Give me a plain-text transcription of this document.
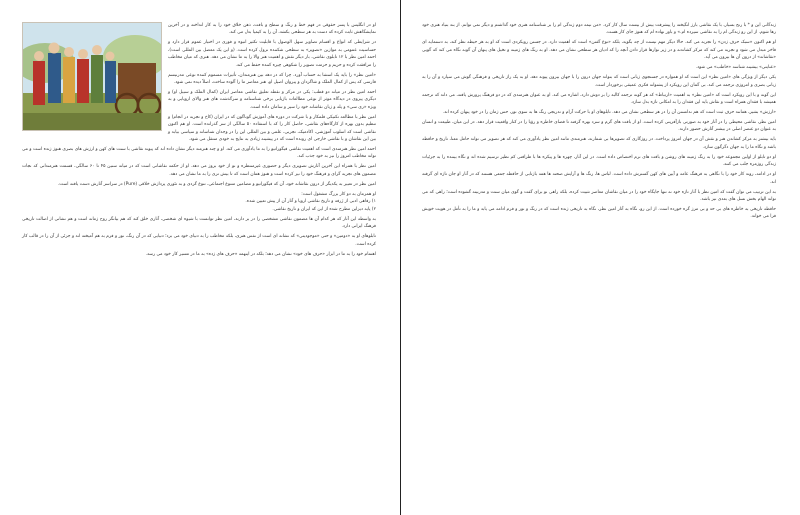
او در انگلیس با پسر حقوقی در فهم خط و رنگ و سطح و بافت، ذهن خلاق خود را به کار انداخته و در آخرین نمایشگاهش ثابت کرده که دست به هر سطحی بکشد، آن را به کیمیا بدل می کند.

در شرایطی که انواع و اقسام تصاویر سهل الوصول با قابلیت تکثیر انبوه و فوری در اختیار عموم قرار دارد و حساسیت عمومی به موازین «تصویر» به سطحی شکننده نزول کرده است. (و این یک معضل بین المللی است)، احمد امین نظر با ۱۲ تابلوی نقاشی، بار دیگر نقش و اهمیت هنر والا را به ما نشان می دهد. هنری که میان مخاطب را مرافقت کرده و حریم و حرمت تصویر را شکوهی چیره کننده حفظ می کند.

«امین نظر» را باید یک استثنا به حساب آورد. چرا که در دهه بین هنرمندان، تأثیرات مسموم کننده نوعی مدرنیسم فارسی که پس از کمال الملک و شاگردان و پیروان اصیل او، هنر معاصر ما را آلوده ساخت، اصلاً دیده نمی شود.

احمد امین نظر در میانه دو قطب: یکی در مرکز و نقطه تعلیق نقاشی معاصر ایران (کمال الملک و سبیل او) و دیگری پیروی در دیدگاه موثر از نوعی مطالعات بازیابی برخی شناسنامه و سرگذشت های هنر والای اروپایی و به ویژه «ری سی» و پله و زبان نقاشانه خود را سیر و سامان داده است.

امین نظر با مطالعه تکنیکی فلمکار و با شرکت در دوره های آموزش گوناگون که در ایران (کاخ و تجربه در انجام) و تنظیم بدون بهره از کارگاه‌های نقاشی، حاصل کار را که با استفاده ۵۰ سالگی از سر گذرانده است. او هم اکنون نقاشی است که اسلوب آموزشی، اکادمیک، تجربی، علمی و بین المللی این را در وجدان شناسانه و سیاسی بیابد و بین این نقاشان و با نقاشی خارجی ای رونده است که در پیشینه زیادی به نتایج به خودی منتقل می شود.

احمد امین نظر هنرمندی است که اهمیت نقاشی فیگوراتیو را به ما یادآوری می کند. او و چند هنرمند دیگر نشان داده اند که پیوند نقاشی با سنت های کهن و ارزش های بصری هنوز زنده است و می تواند مخاطب امروز را نیز به خود جذب کند.

امین نظر با همراه این آخرین آثارش تصویری دیگر و حضوری غیرمنتظره و نو از خود بروز می دهد. او از حکمه نقاشانی است که در میانه سنین ۴۵ تا ۶۰ سالگی، قسمت هنرمندانی که نجات مضمون های تجربه گرای و فرهنگ خود را نیز کرده است و هنوز همان است که تا بیش تری را به ما نشان می دهد.

امین نظر در تعبیر به یکدیگر از درون نقاشانه خود، آن که فیگوراتیو و مضامین متنوع اجتماعی، تنوع گردی و به تئوری پردازش خلاقی (Pure) در سراسر آثارش دست یافته است.

او همزمان به دو کار بزرگ مشغول است:

۱) رفاهی ادبی از ژرفه و تاریخ نقاشی اروپا و آثار آن از پیش تعیین شده.

۲) پایه دیزاین مطرح شده از این که ایران و تاریخ نقاشی.

به واسطه این آثار که هر کدام آن ها مضمون نقاشی مشخصی را در بر دارند، امین نظر توانست با شیوه ای شخصی، آثاری خلق کند که هم بیانگر روح زمانه است و هم نشانی از اصالت تاریخی فرهنگ ایرانی دارد.

تابلوهای او به «دومین» و حتی «موجودیتی» که نشانه ای است از نفس هنری، بلکه مخاطب را به دنیای خود می برد؛ دنیایی که در آن رنگ، نور و فرم به هم آمیخته اند و جزئی از آن را در قالب کار کرده است.

اهتمام خود را به ما در ابزار «حرف های خود» نشان می دهد؛ بلکه در اینهمه «حرف های زده» به ما در مسیر کار خود می رسد.

زندگانی این و * با رنج بسیار، با یک نقاشی بارز انگیخته را پیشرفت بیش از بیست سال کار کرد. «من نیمه دوم زندگی ام را بر شناسنامه هنری خود گذاشتم و دیگر نمی توانم. از بند بنیاد هنری خود رها شوم. از این رو زندگی ام را به نقاشی سپرده ام.» و باور نهاده ام که هنوز جای کار هست.

او هم اکنون «سبک حرف زدن» را تجربه می کند. حالا دیگر مهم نیست از چه بگوید، بلکه «نوع گفتن» است که اهمیت دارد. در جستن رویکردی است که او به هر حیطه نظر کند، به دستمایه ای فاخر مبدل می شود و تجربه می کند که مرکز کشاندنه و در زیر نوارها قرار دادن آنچه را که ادیان هر سطحی نشان می دهد. او به رنگ های زمینه و تخیل های پنهان آن گونه نگاه می کند که گویی «نقاشانه» از درون آن ها بیرون می آید.

«عنایتی» بیشینه شناسه «خاطب» می شود.

یکی دیگر از ویژگی های «امین نظر» این است که او همواره در جستجوی زبانی است که بتواند جهان درون را با جهان بیرون پیوند دهد. او به یک راز تاریخی و فرهنگی گوش می سپارد و آن را به زبانی بصری و امروزی ترجمه می کند. بی گمان این رویکرد از پشتوانه فکری عمیقی برخوردار است.

این گونه و با این رویکرد است که «امین نظر» به اهمیت «ارتباط» که هر گونه ترجمه کالبد را بر دوش دارد، اشاره می کند. او به عنوان هنرمندی که در دو فرهنگ پرورش یافته، می داند که ترجمه همیشه با فقدان همراه است و نقاش باید این فقدان را به امکانی تازه بدل سازد.

«ارزش» بشیر، همانند حرف ثبت است که هم ندانستن آن را در هر سطحی نشان می دهد. تابلوهای او با حرکت آرام و تدریجی رنگ ها به سوی نور، حس زمان را در خود پنهان کرده اند.

امین نظر، نقاشی محیطی را در آثار خود به صورتی بازآفرینی کرده است. او از بافت های گرم و سرد بهره گرفته تا فضای خاطره و رؤیا را در کنار واقعیت قرار دهد. در این میان، طبیعت و انسان به عنوان دو عنصر اصلی در بیشتر آثارش حضور دارند.

باید بیشتر به مرکز کشاندن هنر و نقش آن در جهان امروز پرداخت. در روزگاری که تصویرها بی شمارند، هنرمندی مانند امین نظر یادآوری می کند که هر تصویر می تواند حامل معنا، تاریخ و حافظه باشد و نگاه ما را به جهان دگرگون سازد.

او دو تابلو از اولین مجموعه خود را به رنگ زمینه های روشن و بافت های نرم اختصاص داده است. در این آثار، چهره ها و پیکره ها با ظرافتی کم نظیر ترسیم شده اند و نگاه بیننده را به جزئیات زندگی روزمره جلب می کنند.

او در ادامه، روند کار خود را با نگاهی به فرهنگ عامه و آیین های کهن گسترش داده است. لباس ها، رنگ ها و آرایش صحنه ها همه بازتابی از حافظه جمعی هستند که در آثار او جان تازه ای گرفته اند.

به این ترتیب می توان گفت که امین نظر با آثار تازه خود نه تنها جایگاه خود را در میان نقاشان معاصر تثبیت کرده، بلکه راهی نو برای گفت و گوی میان سنت و مدرنیته گشوده است؛ راهی که می تواند الهام بخش نسل های بعدی نیز باشد.

حافظه تاریخی به خاطره های بی حد و بی مرز گره خورده است. از این رو، نگاه به آثار امین نظر، نگاه به تاریخی زنده است که در رنگ و نور و فرم ادامه می یابد و ما را به تأمل در هویت خویش فرا می خواند.
